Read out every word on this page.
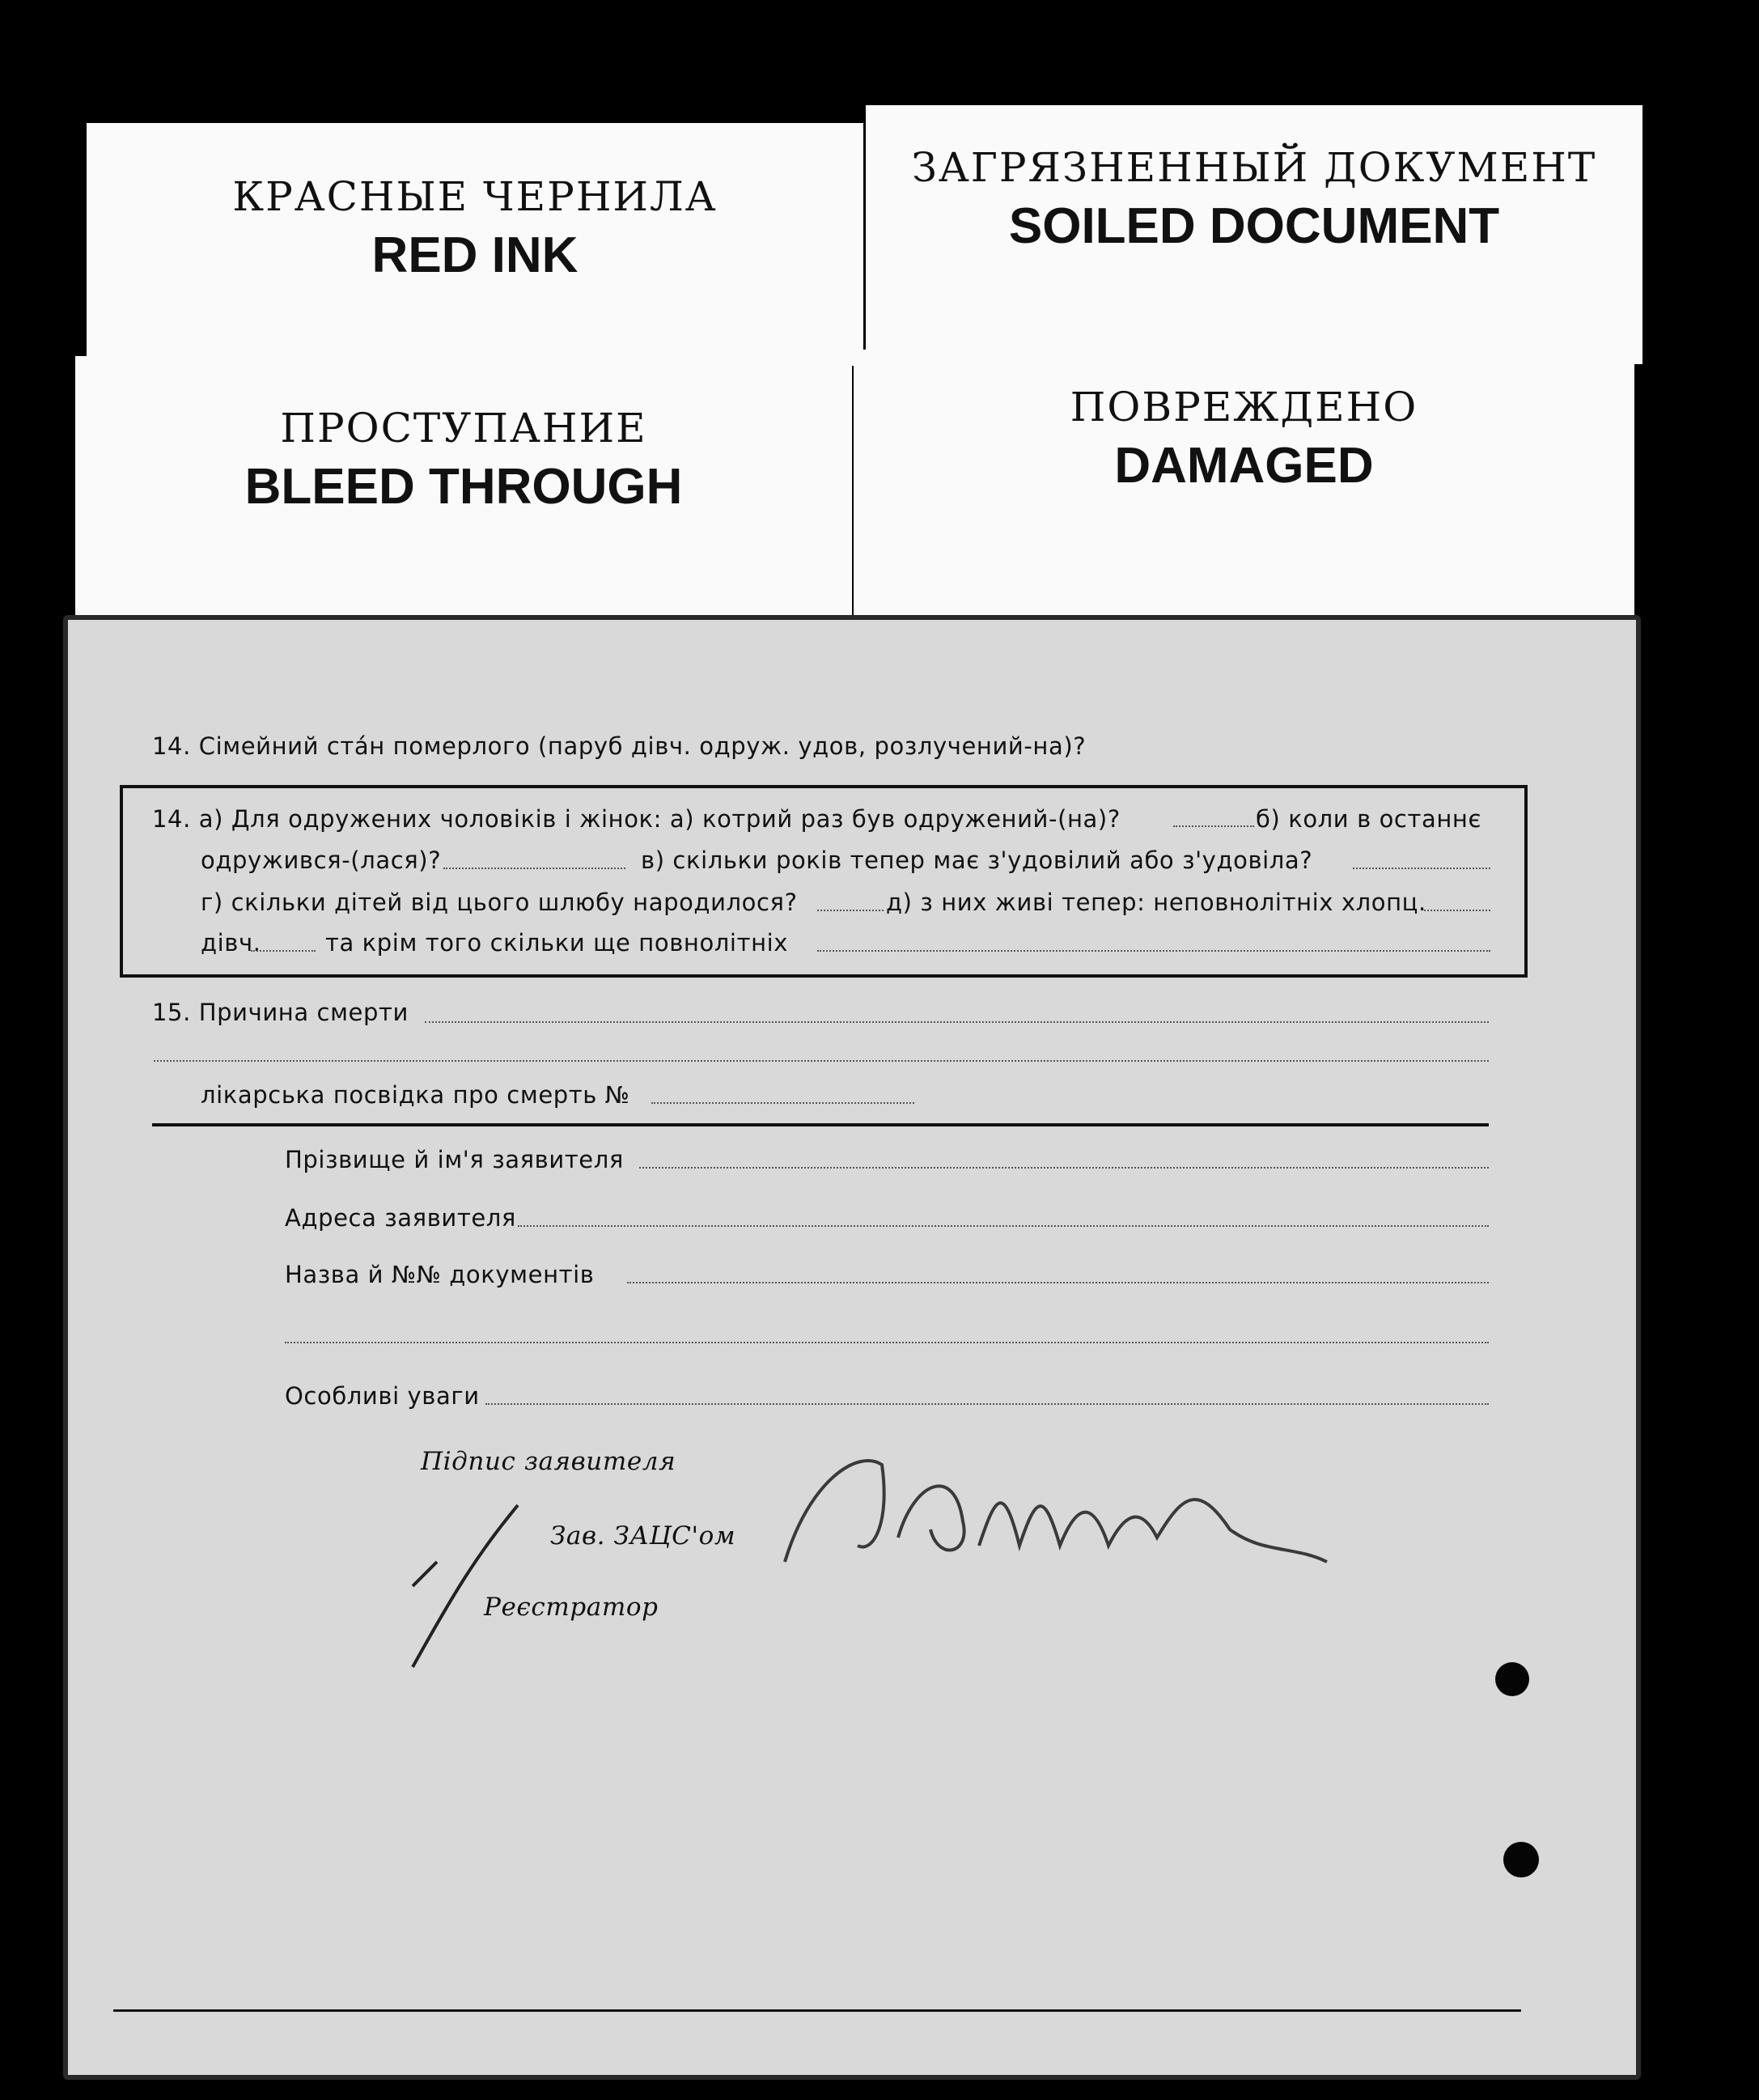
КРАСНЫЕ ЧЕРНИЛА
RED INK
ЗАГРЯЗНЕННЫЙ ДОКУМЕНТ
SOILED DOCUMENT
ПРОСТУПАНИЕ
BLEED THROUGH
ПОВРЕЖДЕНО
DAMAGED
14. Сімейний ста́н померлого (паруб дівч. одруж. удов, розлучений-на)?
14. а) Для одружених чоловіків і жінок: а) котрий раз був одружений-(на)?	б) коли в останнє
одружився-(лася)?	в) скільки років тепер має з'удовілий або з'удовіла?
г) скільки дітей від цього шлюбу народилося?	д) з них живі тепер: неповнолітніх хлопц.
дівч.	та крім того скільки ще повнолітніх
15. Причина смерти
лікарська посвідка про смерть №
Прізвище й ім'я заявителя
Адреса заявителя
Назва й №№ документів
Особливі уваги
Підпис заявителя
Зав. ЗАЦС'ом
Реєстратор
